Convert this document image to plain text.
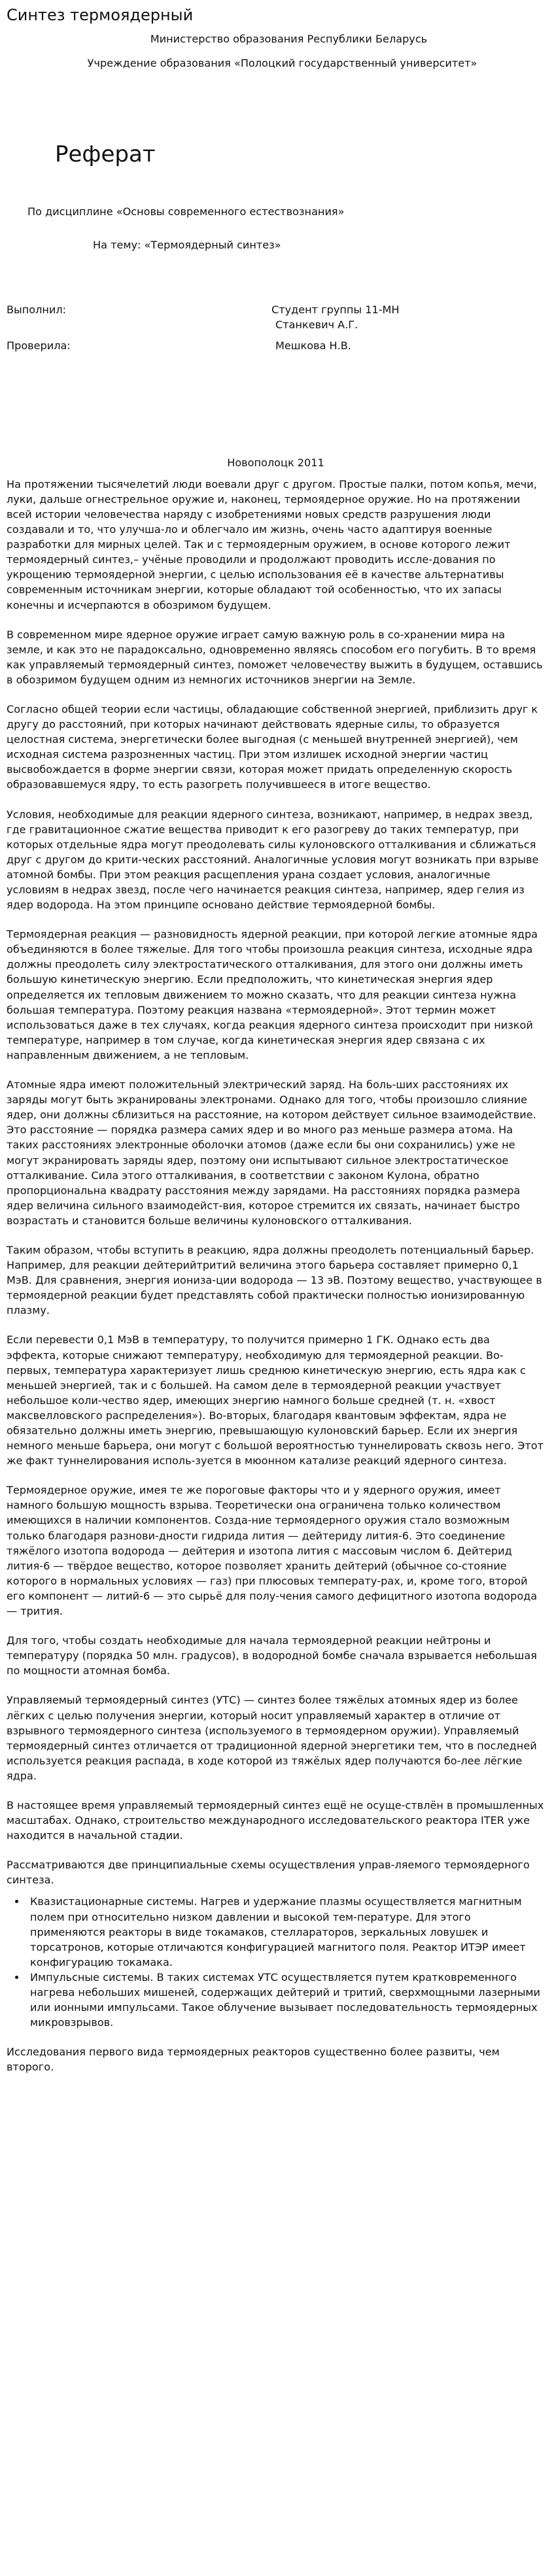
Синтез термоядерный

Министерство образования Республики Беларусь

Учреждение образования «Полоцкий государственный университет»

Реферат

По дисциплине «Основы современного естествознания»

На тему: «Термоядерный синтез»

Выполнил:	Студент группы 11-МН
	Станкевич А.Г.

Проверила:	Мешкова Н.В.

Новополоцк 2011

На протяжении тысячелетий люди воевали друг с другом. Простые палки, потом копья, мечи, луки, дальше огнестрельное оружие и, наконец, термоядерное оружие. Но на протяжении всей истории человечества наряду с изобретениями новых средств разрушения люди создавали и то, что улучша-ло и облегчало им жизнь, очень часто адаптируя военные разработки для мирных целей. Так и с термоядерным оружием, в основе которого лежит термоядерный синтез,– учёные проводили и продолжают проводить иссле-дования по укрощению термоядерной энергии, с целью использования её в качестве альтернативы современным источникам энергии, которые обладают той особенностью, что их запасы конечны и исчерпаются в обозримом будущем.

В современном мире ядерное оружие играет самую важную роль в со-хранении мира на земле, и как это не парадоксально, одновременно являясь способом его погубить. В то время как управляемый термоядерный синтез, поможет человечеству выжить в будущем, оставшись в обозримом будущем одним из немногих источников энергии на Земле.

Согласно общей теории если частицы, обладающие собственной энергией, приблизить друг к другу до расстояний, при которых начинают действовать ядерные силы, то образуется целостная система, энергетически более выгодная (с меньшей внутренней энергией), чем исходная система разрозненных частиц. При этом излишек исходной энергии частиц высвобождается в форме энергии связи, которая может придать определенную скорость образовавшемуся ядру, то есть разогреть получившееся в итоге вещество.

Условия, необходимые для реакции ядерного синтеза, возникают, например, в недрах звезд, где гравитационное сжатие вещества приводит к его разогреву до таких температур, при которых отдельные ядра могут преодолевать силы кулоновского отталкивания и сближаться друг с другом до крити-ческих расстояний. Аналогичные условия могут возникать при взрыве атомной бомбы. При этом реакция расщепления урана создает условия, аналогичные условиям в недрах звезд, после чего начинается реакция синтеза, например, ядер гелия из ядер водорода. На этом принципе основано действие термоядерной бомбы.

Термоядерная реакция — разновидность ядерной реакции, при которой легкие атомные ядра объединяются в более тяжелые. Для того чтобы произошла реакция синтеза, исходные ядра должны преодолеть силу электростатического отталкивания, для этого они должны иметь большую кинетическую энергию. Если предположить, что кинетическая энергия ядер определяется их тепловым движением то можно сказать, что для реакции синтеза нужна большая температура. Поэтому реакция названа «термоядерной». Этот термин может использоваться даже в тех случаях, когда реакция ядерного синтеза происходит при низкой температуре, например в том случае, когда кинетическая энергия ядер связана с их направленным движением, а не тепловым.

Атомные ядра имеют положительный электрический заряд. На боль-ших расстояниях их заряды могут быть экранированы электронами. Однако для того, чтобы произошло слияние ядер, они должны сблизиться на расстояние, на котором действует сильное взаимодействие. Это расстояние — порядка размера самих ядер и во много раз меньше размера атома. На таких расстояниях электронные оболочки атомов (даже если бы они сохранились) уже не могут экранировать заряды ядер, поэтому они испытывают сильное электростатическое отталкивание. Сила этого отталкивания, в соответствии с законом Кулона, обратно пропорциональна квадрату расстояния между зарядами. На расстояниях порядка размера ядер величина сильного взаимодейст-вия, которое стремится их связать, начинает быстро возрастать и становится больше величины кулоновского отталкивания.

Таким образом, чтобы вступить в реакцию, ядра должны преодолеть потенциальный барьер. Например, для реакции дейтерийтритий величина этого барьера составляет примерно 0,1 МэВ. Для сравнения, энергия иониза-ции водорода — 13 эВ. Поэтому вещество, участвующее в термоядерной реакции будет представлять собой практически полностью ионизированную плазму.

Если перевести 0,1 МэВ в температуру, то получится примерно 1 ГК. Однако есть два эффекта, которые снижают температуру, необходимую для термоядерной реакции. Во-первых, температура характеризует лишь среднюю кинетическую энергию, есть ядра как с меньшей энергией, так и с большей. На самом деле в термоядерной реакции участвует небольшое коли-чество ядер, имеющих энергию намного больше средней (т. н. «хвост максвелловского распределения»). Во-вторых, благодаря квантовым эффектам, ядра не обязательно должны иметь энергию, превышающую кулоновский барьер. Если их энергия немного меньше барьера, они могут с большой вероятностью туннелировать сквозь него. Этот же факт туннелирования исполь-зуется в мюонном катализе реакций ядерного синтеза.

Термоядерное оружие, имея те же пороговые факторы что и у ядерного оружия, имеет намного большую мощность взрыва. Теоретически она ограничена только количеством имеющихся в наличии компонентов. Созда-ние термоядерного оружия стало возможным только благодаря разнови-дности гидрида лития — дейтериду лития-6. Это соединение тяжёлого изотопа водорода — дейтерия и изотопа лития с массовым числом 6. Дейтерид лития-6 — твёрдое вещество, которое позволяет хранить дейтерий (обычное со-стояние которого в нормальных условиях — газ) при плюсовых температу-рах, и, кроме того, второй его компонент — литий-6 — это сырьё для полу-чения самого дефицитного изотопа водорода — трития.

Для того, чтобы создать необходимые для начала термоядерной реакции нейтроны и температуру (порядка 50 млн. градусов), в водородной бомбе сначала взрывается небольшая по мощности атомная бомба.

Управляемый термоядерный синтез (УТС) — синтез более тяжёлых атомных ядер из более лёгких с целью получения энергии, который носит управляемый характер в отличие от взрывного термоядерного синтеза (используемого в термоядерном оружии). Управляемый термоядерный синтез отличается от традиционной ядерной энергетики тем, что в последней используется реакция распада, в ходе которой из тяжёлых ядер получаются бо-лее лёгкие ядра.

В настоящее время управляемый термоядерный синтез ещё не осуще-ствлён в промышленных масштабах. Однако, строительство международного исследовательского реактора ITER уже находится в начальной стадии.

Рассматриваются две принципиальные схемы осуществления управ-ляемого термоядерного синтеза.

• Квазистационарные системы. Нагрев и удержание плазмы осуществляется магнитным полем при относительно низком давлении и высокой тем-пературе. Для этого применяются реакторы в виде токамаков, стеллараторов, зеркальных ловушек и торсатронов, которые отличаются конфигурацией магнитого поля. Реактор ИТЭР имеет конфигурацию токамака.
• Импульсные системы. В таких системах УТС осуществляется путем кратковременного нагрева небольших мишеней, содержащих дейтерий и тритий, сверхмощными лазерными или ионными импульсами. Такое облучение вызывает последовательность термоядерных микровзрывов.

Исследования первого вида термоядерных реакторов существенно более развиты, чем второго.
